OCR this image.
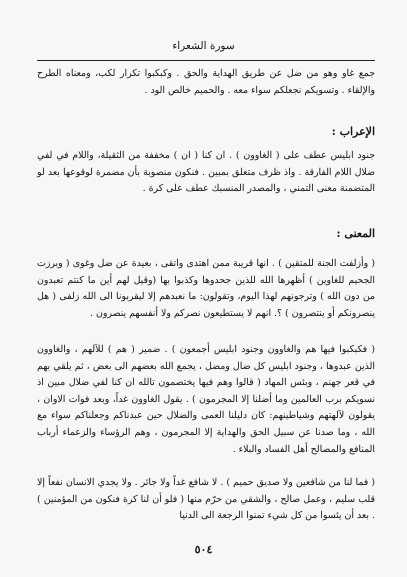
سورة الشعراء
جمع غاو وهو من ضل عن طريق الهداية والحق . وكبكبوا تكرار لكب، ومعناه الطرح والإلقاء . وتسويكم نجعلكم سواء معه . والحميم خالص الود .
الإعراب :
جنود ابليس عطف على ( الغاوون ) . ان كنا ( ان ) مخففة من الثقيلة، واللام في لفي ضلال اللام الفارقة . واذ ظرف متعلق بمبين . فنكون منصوبة بأن مضمرة لوقوعها بعد لو المتضمنة معنى التمني ، والمصدر المنسبك عطف على كرة .
المعنى :
( وأزلفت الجنة للمتقين ) . انها قريبة ممن اهتدى واتقى ، بعيدة عن ضل وغوى ( وبرزت الجحيم للغاوين ) أظهرها الله للذين جحدوها وكذبوا بها (وقيل لهم أين ما كنتم تعبدون من دون الله ) وترجونهم لهذا اليوم، وتقولون: ما نعبدهم إلا ليقربونا الى الله زلفى ( هل ينصرونكم أو ينتصرون ) ؟. انهم لا يستطيعون نصركم ولا أنفسهم ينصرون .
( فكبكبوا فيها هم والغاوون وجنود ابليس أجمعون ) . ضمير ( هم ) للآلهم ، والغاوون الذين عبدوها ، وجنود ابليس كل ضال ومضل ، يجمع الله بعضهم الى بعض ، ثم يلقي بهم في قعر جهنم ، وبئس المهاد ( قالوا وهم فيها يختصمون تالله ان كنا لفي ضلال مبين اذ نسويكم برب العالمين وما أضلنا إلا المجرمون ) . يقول الغاوون غداً، وبعد فوات الاوان ، يقولون لآلهتهم وشياطينهم: كان دليلنا العمى والضلال حين عبدناكم وجعلناكم سواء مع الله ، وما صدنا عن سبيل الحق والهداية إلا المجرمون ، وهم الرؤساء والزعماء أرباب المنافع والمصالح أهل الفساد والبلاء .
( فما لنا من شافعين ولا صديق حميم ) . لا شافع غداً ولا جائر . ولا يجدي الانسان نفعاً إلا قلب سليم ، وعمل صالح ، والشقي من حرّم منها ( فلو أن لنا كرة فنكون من المؤمنين ) . بعد أن يئسوا من كل شيء تمنوا الرجعة الى الدنيا
٥٠٤
